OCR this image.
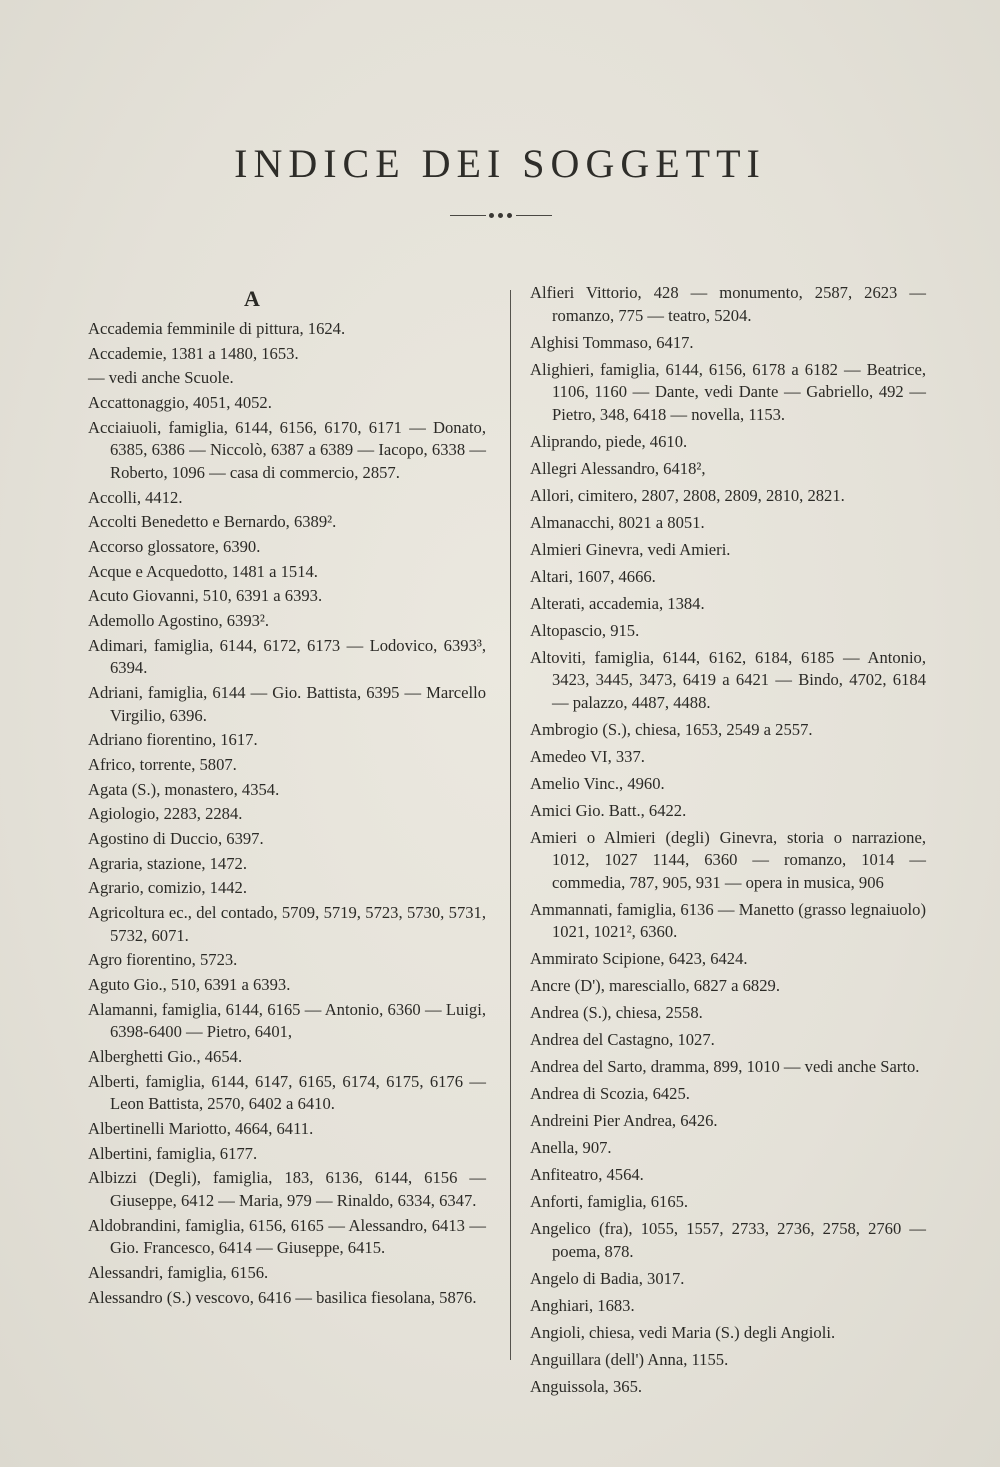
INDICE DEI SOGGETTI
A
Accademia femminile di pittura, 1624.
Accademie, 1381 a 1480, 1653.
— vedi anche Scuole.
Accattonaggio, 4051, 4052.
Acciaiuoli, famiglia, 6144, 6156, 6170, 6171 — Donato, 6385, 6386 — Niccolò, 6387 a 6389 — Iacopo, 6338 — Roberto, 1096 — casa di commercio, 2857.
Accolli, 4412.
Accolti Benedetto e Bernardo, 6389².
Accorso glossatore, 6390.
Acque e Acquedotto, 1481 a 1514.
Acuto Giovanni, 510, 6391 a 6393.
Ademollo Agostino, 6393².
Adimari, famiglia, 6144, 6172, 6173 — Lodovico, 6393³, 6394.
Adriani, famiglia, 6144 — Gio. Battista, 6395 — Marcello Virgilio, 6396.
Adriano fiorentino, 1617.
Africo, torrente, 5807.
Agata (S.), monastero, 4354.
Agiologio, 2283, 2284.
Agostino di Duccio, 6397.
Agraria, stazione, 1472.
Agrario, comizio, 1442.
Agricoltura ec., del contado, 5709, 5719, 5723, 5730, 5731, 5732, 6071.
Agro fiorentino, 5723.
Aguto Gio., 510, 6391 a 6393.
Alamanni, famiglia, 6144, 6165 — Antonio, 6360 — Luigi, 6398-6400 — Pietro, 6401,
Alberghetti Gio., 4654.
Alberti, famiglia, 6144, 6147, 6165, 6174, 6175, 6176 — Leon Battista, 2570, 6402 a 6410.
Albertinelli Mariotto, 4664, 6411.
Albertini, famiglia, 6177.
Albizzi (Degli), famiglia, 183, 6136, 6144, 6156 — Giuseppe, 6412 — Maria, 979 — Rinaldo, 6334, 6347.
Aldobrandini, famiglia, 6156, 6165 — Alessandro, 6413 — Gio. Francesco, 6414 — Giuseppe, 6415.
Alessandri, famiglia, 6156.
Alessandro (S.) vescovo, 6416 — basilica fiesolana, 5876.
Alfieri Vittorio, 428 — monumento, 2587, 2623 — romanzo, 775 — teatro, 5204.
Alghisi Tommaso, 6417.
Alighieri, famiglia, 6144, 6156, 6178 a 6182 — Beatrice, 1106, 1160 — Dante, vedi Dante — Gabriello, 492 — Pietro, 348, 6418 — novella, 1153.
Aliprando, piede, 4610.
Allegri Alessandro, 6418²,
Allori, cimitero, 2807, 2808, 2809, 2810, 2821.
Almanacchi, 8021 a 8051.
Almieri Ginevra, vedi Amieri.
Altari, 1607, 4666.
Alterati, accademia, 1384.
Altopascio, 915.
Altoviti, famiglia, 6144, 6162, 6184, 6185 — Antonio, 3423, 3445, 3473, 6419 a 6421 — Bindo, 4702, 6184 — palazzo, 4487, 4488.
Ambrogio (S.), chiesa, 1653, 2549 a 2557.
Amedeo VI, 337.
Amelio Vinc., 4960.
Amici Gio. Batt., 6422.
Amieri o Almieri (degli) Ginevra, storia o narrazione, 1012, 1027 1144, 6360 — romanzo, 1014 — commedia, 787, 905, 931 — opera in musica, 906
Ammannati, famiglia, 6136 — Manetto (grasso legnaiuolo) 1021, 1021², 6360.
Ammirato Scipione, 6423, 6424.
Ancre (D'), maresciallo, 6827 a 6829.
Andrea (S.), chiesa, 2558.
Andrea del Castagno, 1027.
Andrea del Sarto, dramma, 899, 1010 — vedi anche Sarto.
Andrea di Scozia, 6425.
Andreini Pier Andrea, 6426.
Anella, 907.
Anfiteatro, 4564.
Anforti, famiglia, 6165.
Angelico (fra), 1055, 1557, 2733, 2736, 2758, 2760 — poema, 878.
Angelo di Badia, 3017.
Anghiari, 1683.
Angioli, chiesa, vedi Maria (S.) degli Angioli.
Anguillara (dell') Anna, 1155.
Anguissola, 365.
